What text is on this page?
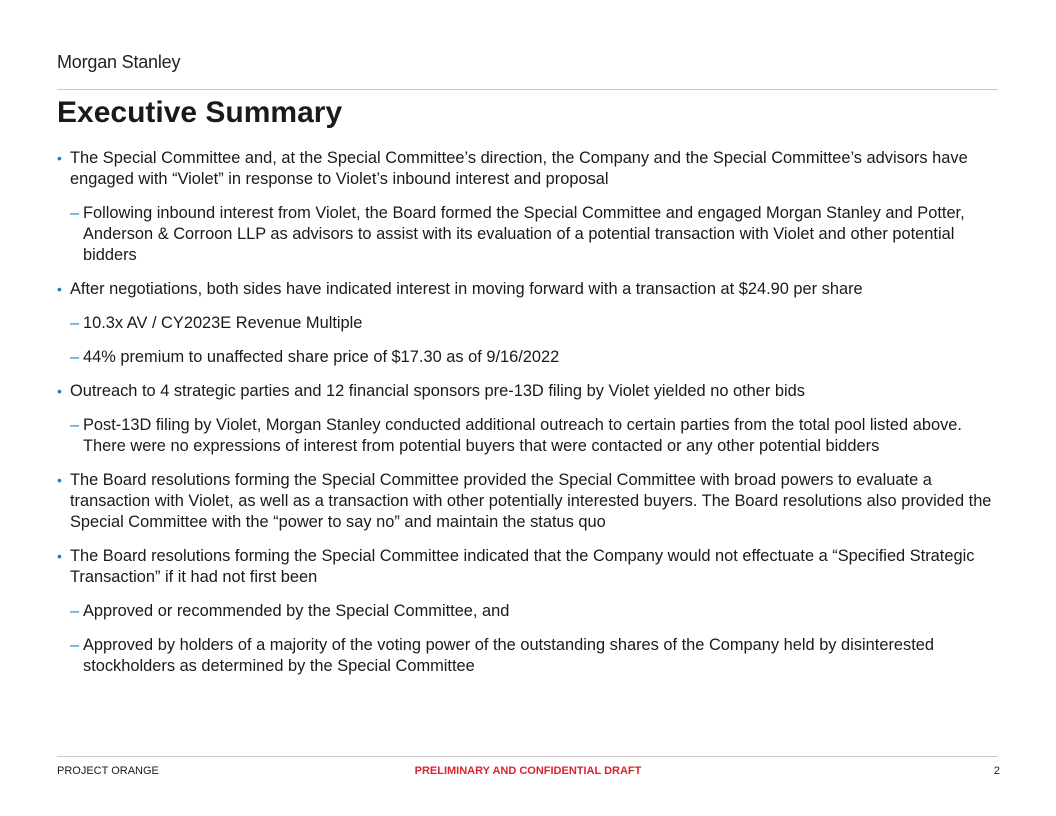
Morgan Stanley
Executive Summary
• The Special Committee and, at the Special Committee’s direction, the Company and the Special Committee’s advisors have engaged with “Violet” in response to Violet’s inbound interest and proposal
– Following inbound interest from Violet, the Board formed the Special Committee and engaged Morgan Stanley and Potter, Anderson & Corroon LLP as advisors to assist with its evaluation of a potential transaction with Violet and other potential bidders
• After negotiations, both sides have indicated interest in moving forward with a transaction at $24.90 per share
– 10.3x AV / CY2023E Revenue Multiple
– 44% premium to unaffected share price of $17.30 as of 9/16/2022
• Outreach to 4 strategic parties and 12 financial sponsors pre-13D filing by Violet yielded no other bids
– Post-13D filing by Violet, Morgan Stanley conducted additional outreach to certain parties from the total pool listed above. There were no expressions of interest from potential buyers that were contacted or any other potential bidders
• The Board resolutions forming the Special Committee provided the Special Committee with broad powers to evaluate a transaction with Violet, as well as a transaction with other potentially interested buyers. The Board resolutions also provided the Special Committee with the “power to say no” and maintain the status quo
• The Board resolutions forming the Special Committee indicated that the Company would not effectuate a “Specified Strategic Transaction” if it had not first been
– Approved or recommended by the Special Committee, and
– Approved by holders of a majority of the voting power of the outstanding shares of the Company held by disinterested stockholders as determined by the Special Committee
PROJECT ORANGE	PRELIMINARY AND CONFIDENTIAL DRAFT	2
